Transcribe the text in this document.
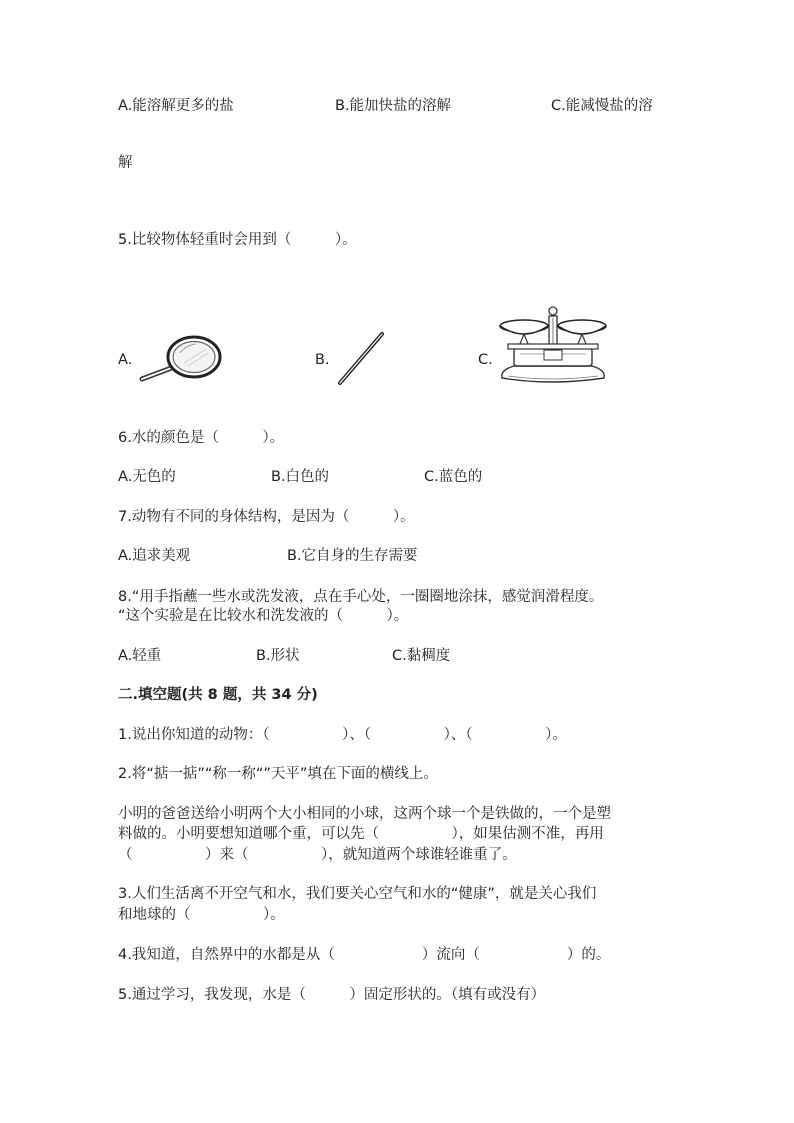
A.能溶解更多的盐	B.能加快盐的溶解	C.能减慢盐的溶
解
5.比较物体轻重时会用到（　　　）。
A.	B.	C.
6.水的颜色是（　　　）。
A.无色的	B.白色的	C.蓝色的
7.动物有不同的身体结构，是因为（　　　）。
A.追求美观	B.它自身的生存需要
8.“用手指蘸一些水或洗发液，点在手心处，一圈圈地涂抹，感觉润滑程度。
“这个实验是在比较水和洗发液的（　　　）。
A.轻重	B.形状	C.黏稠度
二.填空题(共 8 题，共 34 分)
1.说出你知道的动物：（　　　　　）、（　　　　　）、（　　　　　）。
2.将“掂一掂”“称一称“”天平”填在下面的横线上。
小明的爸爸送给小明两个大小相同的小球，这两个球一个是铁做的，一个是塑
料做的。小明要想知道哪个重，可以先（　　　　　），如果估测不准，再用
（　　　　　）来（　　　　　），就知道两个球谁轻谁重了。
3.人们生活离不开空气和水，我们要关心空气和水的“健康”，就是关心我们
和地球的（　　　　　）。
4.我知道，自然界中的水都是从（　　　　　　）流向（　　　　　　）的。
5.通过学习，我发现，水是（　　　）固定形状的。（填有或没有）
